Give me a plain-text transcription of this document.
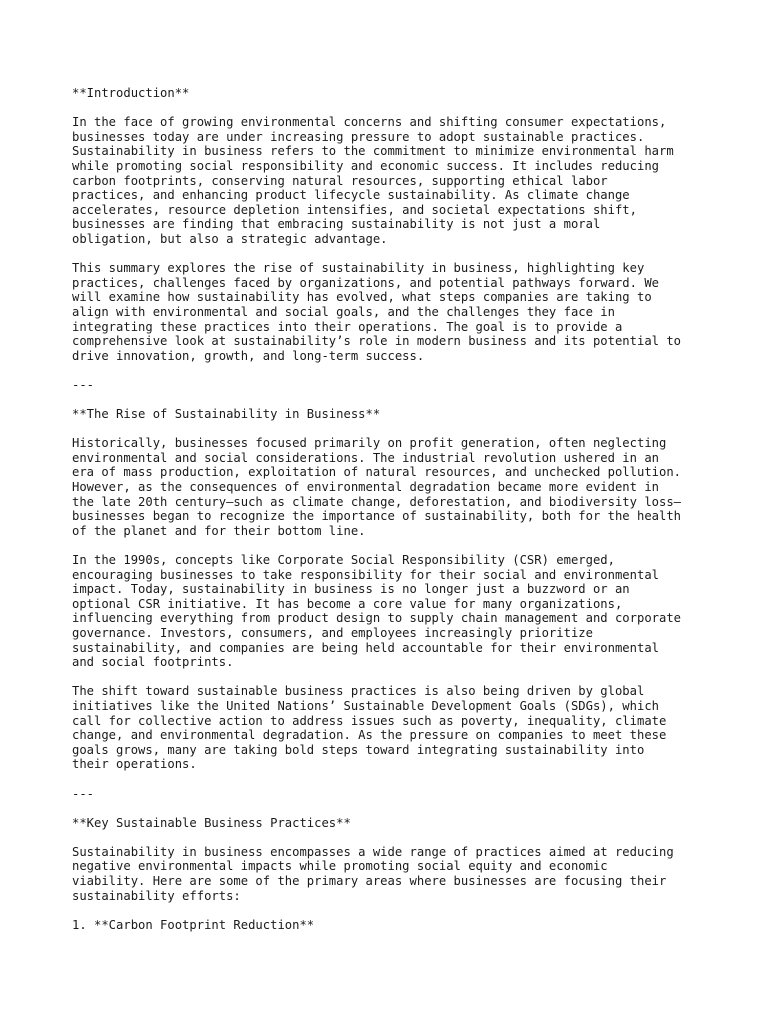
**Introduction**
In the face of growing environmental concerns and shifting consumer expectations,
businesses today are under increasing pressure to adopt sustainable practices.
Sustainability in business refers to the commitment to minimize environmental harm
while promoting social responsibility and economic success. It includes reducing
carbon footprints, conserving natural resources, supporting ethical labor
practices, and enhancing product lifecycle sustainability. As climate change
accelerates, resource depletion intensifies, and societal expectations shift,
businesses are finding that embracing sustainability is not just a moral
obligation, but also a strategic advantage.
This summary explores the rise of sustainability in business, highlighting key
practices, challenges faced by organizations, and potential pathways forward. We
will examine how sustainability has evolved, what steps companies are taking to
align with environmental and social goals, and the challenges they face in
integrating these practices into their operations. The goal is to provide a
comprehensive look at sustainability’s role in modern business and its potential to
drive innovation, growth, and long-term success.
---
**The Rise of Sustainability in Business**
Historically, businesses focused primarily on profit generation, often neglecting
environmental and social considerations. The industrial revolution ushered in an
era of mass production, exploitation of natural resources, and unchecked pollution.
However, as the consequences of environmental degradation became more evident in
the late 20th century—such as climate change, deforestation, and biodiversity loss—
businesses began to recognize the importance of sustainability, both for the health
of the planet and for their bottom line.
In the 1990s, concepts like Corporate Social Responsibility (CSR) emerged,
encouraging businesses to take responsibility for their social and environmental
impact. Today, sustainability in business is no longer just a buzzword or an
optional CSR initiative. It has become a core value for many organizations,
influencing everything from product design to supply chain management and corporate
governance. Investors, consumers, and employees increasingly prioritize
sustainability, and companies are being held accountable for their environmental
and social footprints.
The shift toward sustainable business practices is also being driven by global
initiatives like the United Nations’ Sustainable Development Goals (SDGs), which
call for collective action to address issues such as poverty, inequality, climate
change, and environmental degradation. As the pressure on companies to meet these
goals grows, many are taking bold steps toward integrating sustainability into
their operations.
---
**Key Sustainable Business Practices**
Sustainability in business encompasses a wide range of practices aimed at reducing
negative environmental impacts while promoting social equity and economic
viability. Here are some of the primary areas where businesses are focusing their
sustainability efforts:
1. **Carbon Footprint Reduction**
